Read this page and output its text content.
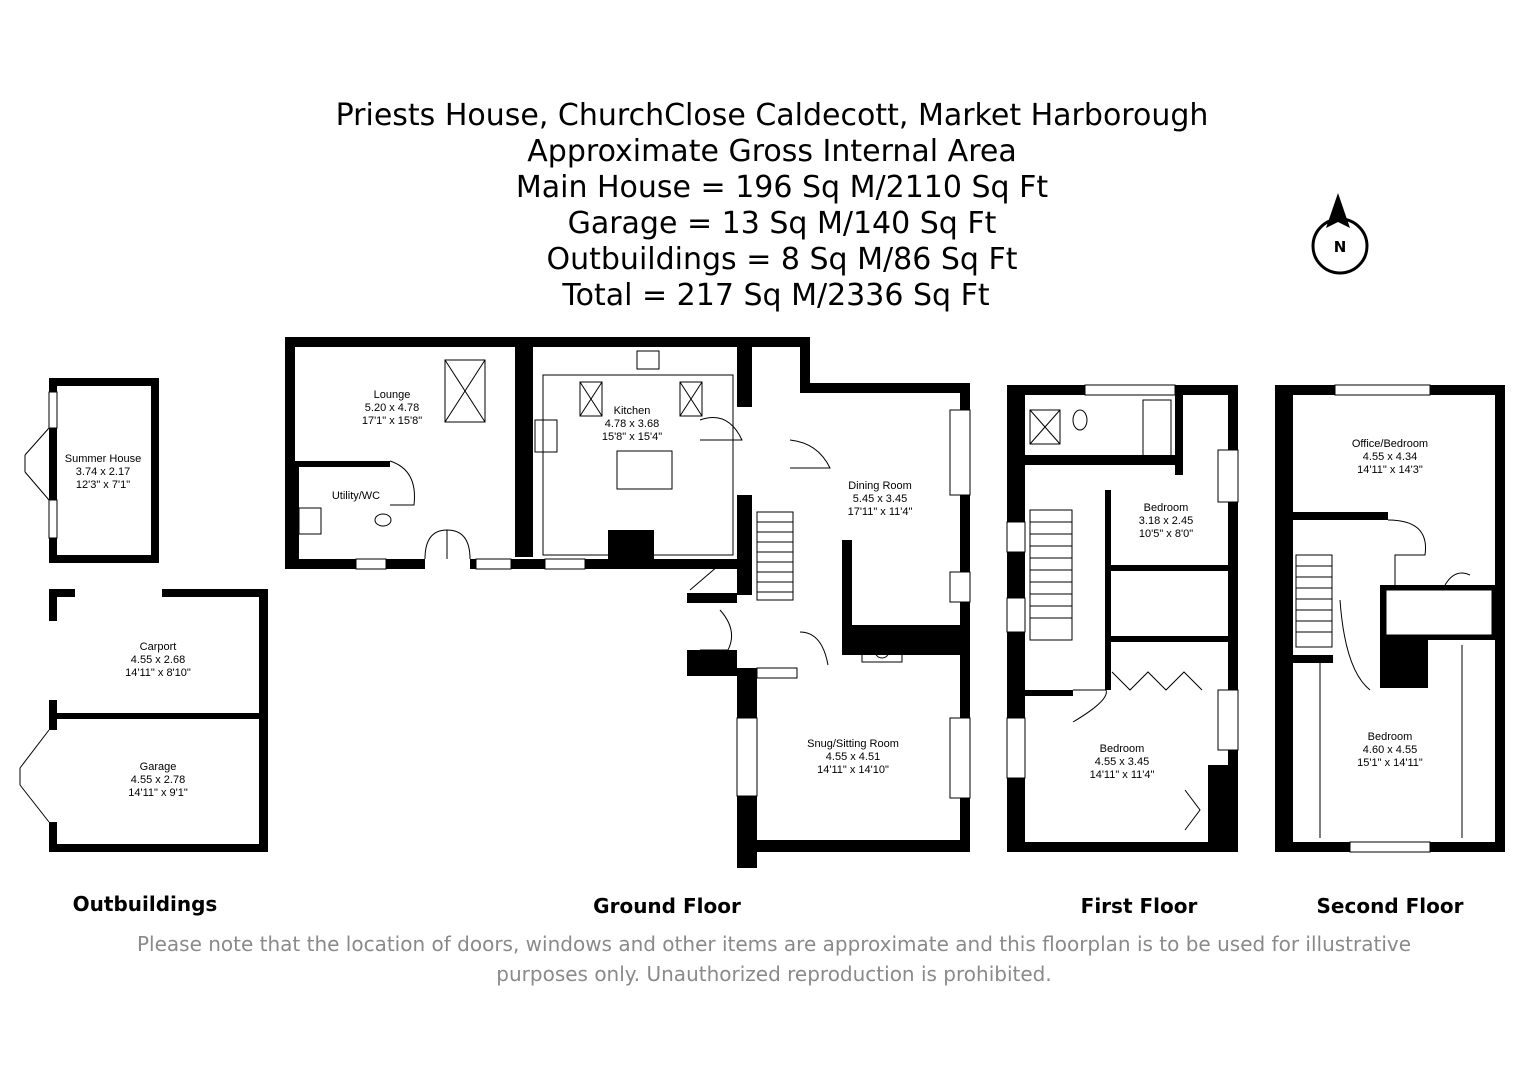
Priests House, ChurchClose Caldecott, Market Harborough
Approximate Gross Internal Area
Main House = 196 Sq M/2110 Sq Ft
Garage = 13 Sq M/140 Sq Ft
Outbuildings = 8 Sq M/86 Sq Ft
Total = 217 Sq M/2336 Sq Ft
N
Summer House
3.74 x 2.17
12'3" x 7'1"
Carport
4.55 x 2.68
14'11" x 8'10"
Garage
4.55 x 2.78
14'11" x 9'1"
Lounge
5.20 x 4.78
17'1" x 15'8"
Utility/WC
Kitchen
4.78 x 3.68
15'8" x 15'4"
Dining Room
5.45 x 3.45
17'11" x 11'4"
Snug/Sitting Room
4.55 x 4.51
14'11" x 14'10"
Bedroom
3.18 x 2.45
10'5" x 8'0"
Bedroom
4.55 x 3.45
14'11" x 11'4"
Office/Bedroom
4.55 x 4.34
14'11" x 14'3"
Bedroom
4.60 x 4.55
15'1" x 14'11"
Outbuildings	Ground Floor	First Floor	Second Floor
Please note that the location of doors, windows and other items are approximate and this floorplan is to be used for illustrative
purposes only. Unauthorized reproduction is prohibited.
